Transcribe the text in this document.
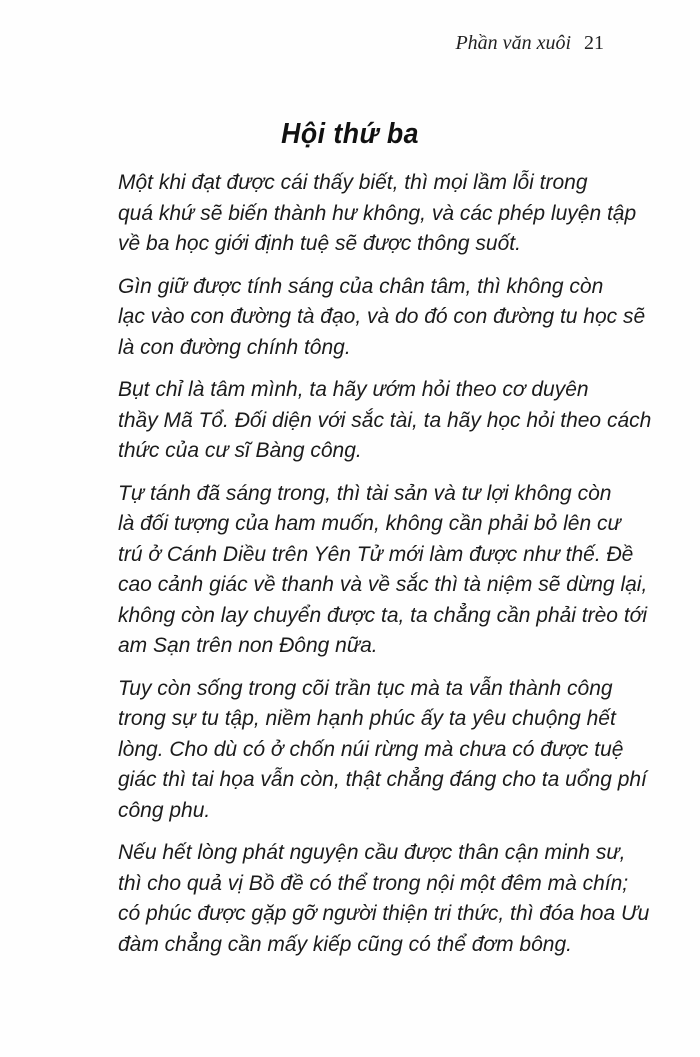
Phần văn xuôi 21
Hội thứ ba

Một khi đạt được cái thấy biết, thì mọi lầm lỗi trong
quá khứ sẽ biến thành hư không, và các phép luyện tập
về ba học giới định tuệ sẽ được thông suốt.

Gìn giữ được tính sáng của chân tâm, thì không còn
lạc vào con đường tà đạo, và do đó con đường tu học sẽ
là con đường chính tông.

Bụt chỉ là tâm mình, ta hãy ướm hỏi theo cơ duyên
thầy Mã Tổ. Đối diện với sắc tài, ta hãy học hỏi theo cách
thức của cư sĩ Bàng công.

Tự tánh đã sáng trong, thì tài sản và tư lợi không còn
là đối tượng của ham muốn, không cần phải bỏ lên cư
trú ở Cánh Diều trên Yên Tử mới làm được như thế. Đề
cao cảnh giác về thanh và về sắc thì tà niệm sẽ dừng lại,
không còn lay chuyển được ta, ta chẳng cần phải trèo tới
am Sạn trên non Đông nữa.

Tuy còn sống trong cõi trần tục mà ta vẫn thành công
trong sự tu tập, niềm hạnh phúc ấy ta yêu chuộng hết
lòng. Cho dù có ở chốn núi rừng mà chưa có được tuệ
giác thì tai họa vẫn còn, thật chẳng đáng cho ta uổng phí
công phu.

Nếu hết lòng phát nguyện cầu được thân cận minh sư,
thì cho quả vị Bồ đề có thể trong nội một đêm mà chín;
có phúc được gặp gỡ người thiện tri thức, thì đóa hoa Ưu
đàm chẳng cần mấy kiếp cũng có thể đơm bông.
